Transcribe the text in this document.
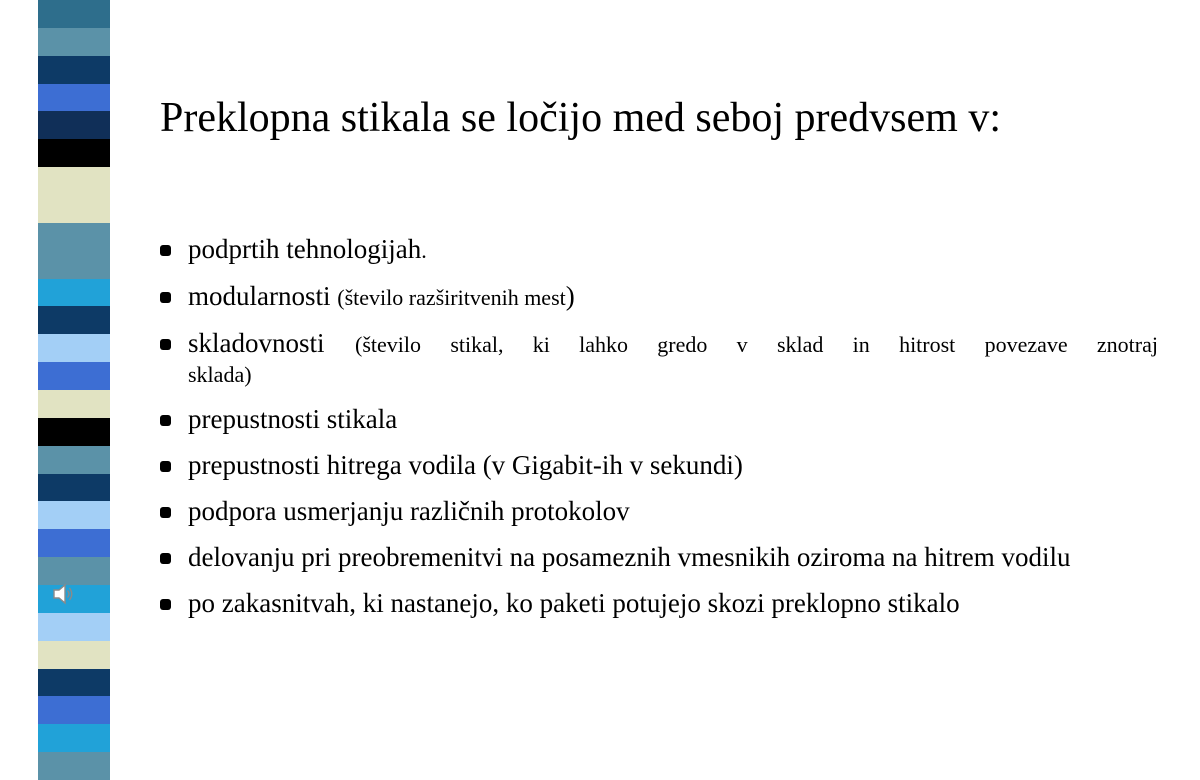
Preklopna stikala se ločijo med seboj predvsem v:
podprtih tehnologijah.
modularnosti (število razširitvenih mest)
skladovnosti (število stikal, ki lahko gredo v sklad in hitrost povezave znotraj
sklada)
prepustnosti stikala
prepustnosti hitrega vodila (v Gigabit-ih v sekundi)
podpora usmerjanju različnih protokolov
delovanju pri preobremenitvi na posameznih vmesnikih oziroma na hitrem vodilu
po zakasnitvah, ki nastanejo, ko paketi potujejo skozi preklopno stikalo
